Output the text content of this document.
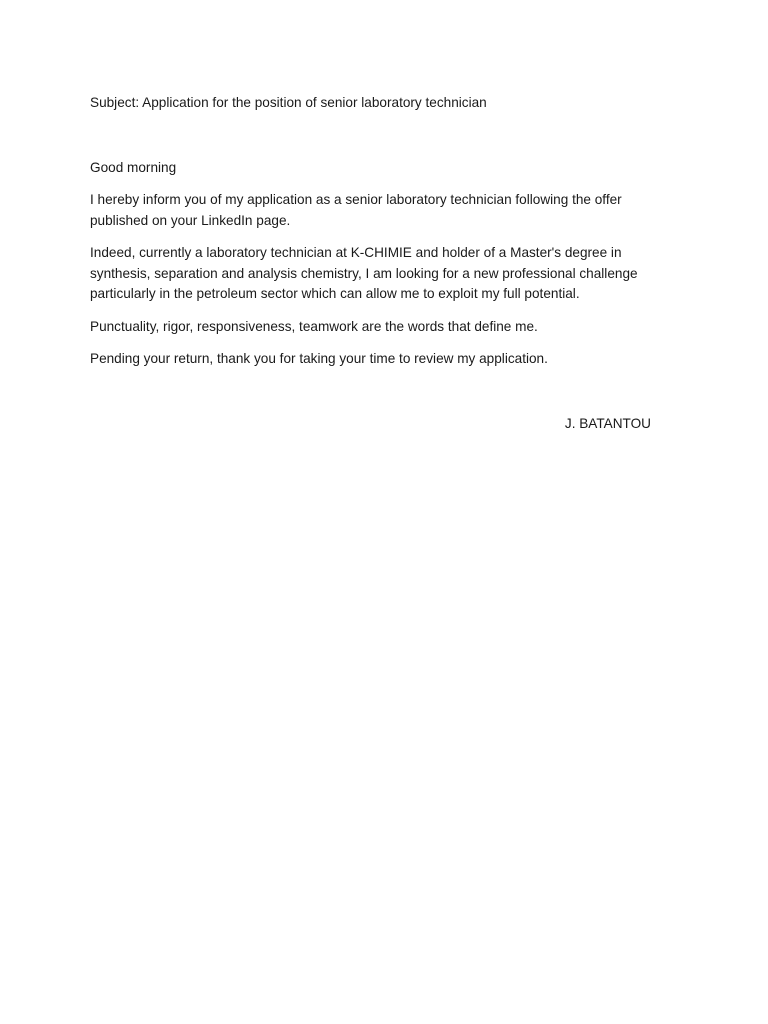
Subject: Application for the position of senior laboratory technician

Good morning

I hereby inform you of my application as a senior laboratory technician following the offer published on your LinkedIn page.

Indeed, currently a laboratory technician at K-CHIMIE and holder of a Master's degree in synthesis, separation and analysis chemistry, I am looking for a new professional challenge particularly in the petroleum sector which can allow me to exploit my full potential.

Punctuality, rigor, responsiveness, teamwork are the words that define me.

Pending your return, thank you for taking your time to review my application.

J. BATANTOU
